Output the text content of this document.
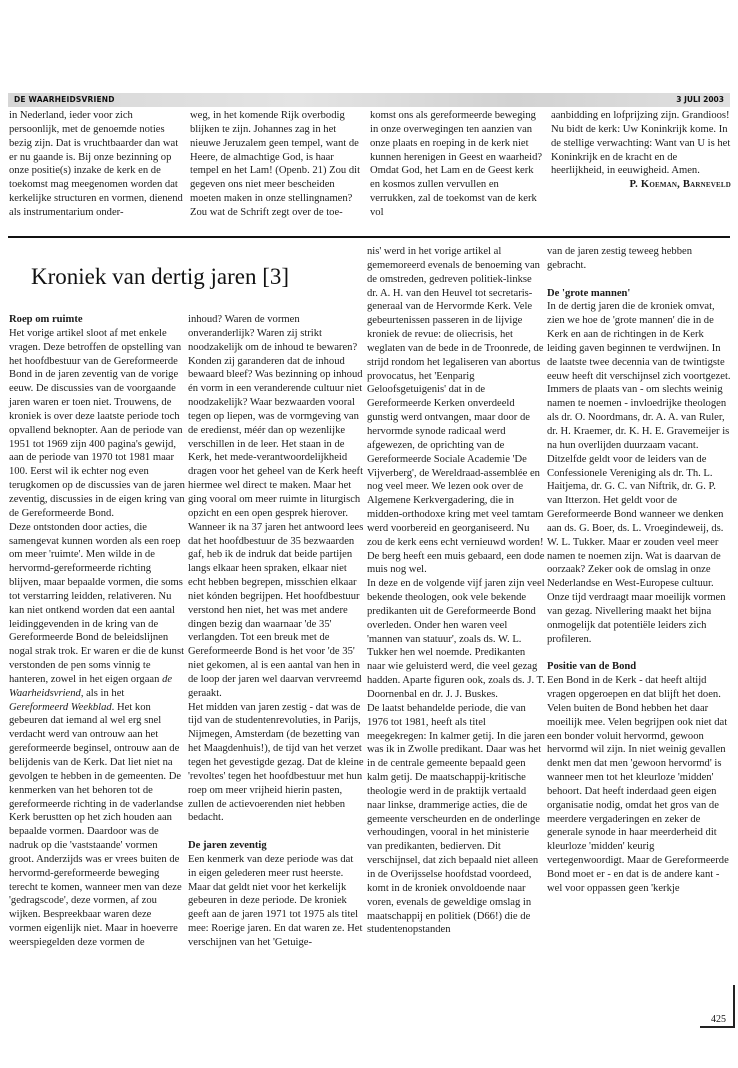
DE WAARHEIDSVRIEND	3 JULI 2003

in Nederland, ieder voor zich persoonlijk, met de genoemde noties bezig zijn. Dat is vruchtbaarder dan wat er nu gaande is. Bij onze bezinning op onze positie(s) inzake de kerk en de toekomst mag meegenomen worden dat kerkelijke structuren en vormen, dienend als instrumentarium onder-

weg, in het komende Rijk overbodig blijken te zijn. Johannes zag in het nieuwe Jeruzalem geen tempel, want de Heere, de almachtige God, is haar tempel en het Lam! (Openb. 21) Zou dit gegeven ons niet meer bescheiden moeten maken in onze stellingnamen? Zou wat de Schrift zegt over de toe-

komst ons als gereformeerde beweging in onze overwegingen ten aanzien van onze plaats en roeping in de kerk niet kunnen herenigen in Geest en waarheid?

Omdat God, het Lam en de Geest kerk en kosmos zullen vervullen en verrukken, zal de toekomst van de kerk vol

aanbidding en lofprijzing zijn. Grandioos!

Nu bidt de kerk: Uw Koninkrijk kome. In de stellige verwachting: Want van U is het Koninkrijk en de kracht en de heerlijkheid, in eeuwigheid. Amen.

P. Koeman, Barneveld

Kroniek van dertig jaren [3]

Roep om ruimte

Het vorige artikel sloot af met enkele vragen. Deze betroffen de opstelling van het hoofdbestuur van de Gereformeerde Bond in de jaren zeventig van de vorige eeuw. De discussies van de voorgaande jaren waren er toen niet. Trouwens, de kroniek is over deze laatste periode toch opvallend beknopter. Aan de periode van 1951 tot 1969 zijn 400 pagina's gewijd, aan de periode van 1970 tot 1981 maar 100. Eerst wil ik echter nog even terugkomen op de discussies van de jaren zeventig, discussies in de eigen kring van de Gereformeerde Bond.

Deze ontstonden door acties, die samengevat kunnen worden als een roep om meer 'ruimte'. Men wilde in de hervormd-gereformeerde richting blijven, maar bepaalde vormen, die soms tot verstarring leidden, relativeren. Nu kan niet ontkend worden dat een aantal leidinggevenden in de kring van de Gereformeerde Bond de beleidslijnen nogal strak trok. Er waren er die de kunst verstonden de pen soms vinnig te hanteren, zowel in het eigen orgaan de Waarheidsvriend, als in het Gereformeerd Weekblad. Het kon gebeuren dat iemand al wel erg snel verdacht werd van ontrouw aan het gereformeerde beginsel, ontrouw aan de belijdenis van de Kerk. Dat liet niet na gevolgen te hebben in de gemeenten. De kenmerken van het behoren tot de gereformeerde richting in de vaderlandse Kerk berustten op het zich houden aan bepaalde vormen. Daardoor was de nadruk op die 'vaststaande' vormen groot. Anderzijds was er vrees buiten de hervormd-gereformeerde beweging terecht te komen, wanneer men van deze 'gedragscode', deze vormen, af zou wijken. Bespreekbaar waren deze vormen eigenlijk niet. Maar in hoeverre weerspiegelden deze vormen de

inhoud? Waren de vormen onveranderlijk? Waren zij strikt noodzakelijk om de inhoud te bewaren? Konden zij garanderen dat de inhoud bewaard bleef? Was bezinning op inhoud én vorm in een veranderende cultuur niet noodzakelijk? Waar bezwaarden vooral tegen op liepen, was de vormgeving van de eredienst, méér dan op wezenlijke verschillen in de leer. Het staan in de Kerk, het mede-verantwoordelijkheid dragen voor het geheel van de Kerk heeft hiermee wel direct te maken. Maar het ging vooral om meer ruimte in liturgisch opzicht en een open gesprek hierover.

Wanneer ik na 37 jaren het antwoord lees dat het hoofdbestuur de 35 bezwaarden gaf, heb ik de indruk dat beide partijen langs elkaar heen spraken, elkaar niet echt hebben begrepen, misschien elkaar niet kónden begrijpen. Het hoofdbestuur verstond hen niet, het was met andere dingen bezig dan waarnaar 'de 35' verlangden. Tot een breuk met de Gereformeerde Bond is het voor 'de 35' niet gekomen, al is een aantal van hen in de loop der jaren wel daarvan vervreemd geraakt.

Het midden van jaren zestig - dat was de tijd van de studentenrevoluties, in Parijs, Nijmegen, Amsterdam (de bezetting van het Maagdenhuis!), de tijd van het verzet tegen het gevestigde gezag. Dat de kleine 'revoltes' tegen het hoofdbestuur met hun roep om meer vrijheid hierin pasten, zullen de actievoerenden niet hebben bedacht.

De jaren zeventig

Een kenmerk van deze periode was dat in eigen gelederen meer rust heerste. Maar dat geldt niet voor het kerkelijk gebeuren in deze periode. De kroniek geeft aan de jaren 1971 tot 1975 als titel mee: Roerige jaren. En dat waren ze. Het verschijnen van het 'Getuige-

nis' werd in het vorige artikel al gememoreerd evenals de benoeming van de omstreden, gedreven politiek-linkse dr. A. H. van den Heuvel tot secretaris-generaal van de Hervormde Kerk. Vele gebeurtenissen passeren in de lijvige kroniek de revue: de oliecrisis, het weglaten van de bede in de Troonrede, de strijd rondom het legaliseren van abortus provocatus, het 'Eenparig Geloofsgetuigenis' dat in de Gereformeerde Kerken onverdeeld gunstig werd ontvangen, maar door de hervormde synode radicaal werd afgewezen, de oprichting van de Gereformeerde Sociale Academie 'De Vijverberg', de Wereldraad-assemblée en nog veel meer. We lezen ook over de Algemene Kerkvergadering, die in midden-orthodoxe kring met veel tamtam werd voorbereid en georganiseerd. Nu zou de kerk eens echt vernieuwd worden! De berg heeft een muis gebaard, een dode muis nog wel.

In deze en de volgende vijf jaren zijn veel bekende theologen, ook vele bekende predikanten uit de Gereformeerde Bond overleden. Onder hen waren veel 'mannen van statuur', zoals ds. W. L. Tukker hen wel noemde. Predikanten naar wie geluisterd werd, die veel gezag hadden. Aparte figuren ook, zoals ds. J. T. Doornenbal en dr. J. J. Buskes.

De laatst behandelde periode, die van 1976 tot 1981, heeft als titel meegekregen: In kalmer getij. In die jaren was ik in Zwolle predikant. Daar was het in de centrale gemeente bepaald geen kalm getij. De maatschappij-kritische theologie werd in de praktijk vertaald naar linkse, drammerige acties, die de gemeente verscheurden en de onderlinge verhoudingen, vooral in het ministerie van predikanten, bedierven. Dit verschijnsel, dat zich bepaald niet alleen in de Overijsselse hoofdstad voordeed, komt in de kroniek onvoldoende naar voren, evenals de geweldige omslag in maatschappij en politiek (D66!) die de studentenopstanden

van de jaren zestig teweeg hebben gebracht.

De 'grote mannen'

In de dertig jaren die de kroniek omvat, zien we hoe de 'grote mannen' die in de Kerk en aan de richtingen in de Kerk leiding gaven beginnen te verdwijnen. In de laatste twee decennia van de twintigste eeuw heeft dit verschijnsel zich voortgezet.

Immers de plaats van - om slechts weinig namen te noemen - invloedrijke theologen als dr. O. Noordmans, dr. A. A. van Ruler, dr. H. Kraemer, dr. K. H. E. Gravemeijer is na hun overlijden duurzaam vacant. Ditzelfde geldt voor de leiders van de Confessionele Vereniging als dr. Th. L. Haitjema, dr. G. C. van Niftrik, dr. G. P. van Itterzon. Het geldt voor de Gereformeerde Bond wanneer we denken aan ds. G. Boer, ds. L. Vroegindeweij, ds. W. L. Tukker. Maar er zouden veel meer namen te noemen zijn. Wat is daarvan de oorzaak? Zeker ook de omslag in onze Nederlandse en West-Europese cultuur. Onze tijd verdraagt maar moeilijk vormen van gezag. Nivellering maakt het bijna onmogelijk dat potentiële leiders zich profileren.

Positie van de Bond

Een Bond in de Kerk - dat heeft altijd vragen opgeroepen en dat blijft het doen. Velen buiten de Bond hebben het daar moeilijk mee. Velen begrijpen ook niet dat een bonder voluit hervormd, gewoon hervormd wil zijn. In niet weinig gevallen denkt men dat men 'gewoon hervormd' is wanneer men tot het kleurloze 'midden' behoort. Dat heeft inderdaad geen eigen organisatie nodig, omdat het gros van de meerdere vergaderingen en zeker de generale synode in haar meerderheid dit kleurloze 'midden' keurig vertegenwoordigt. Maar de Gereformeerde Bond moet er - en dat is de andere kant - wel voor oppassen geen 'kerkje

425
